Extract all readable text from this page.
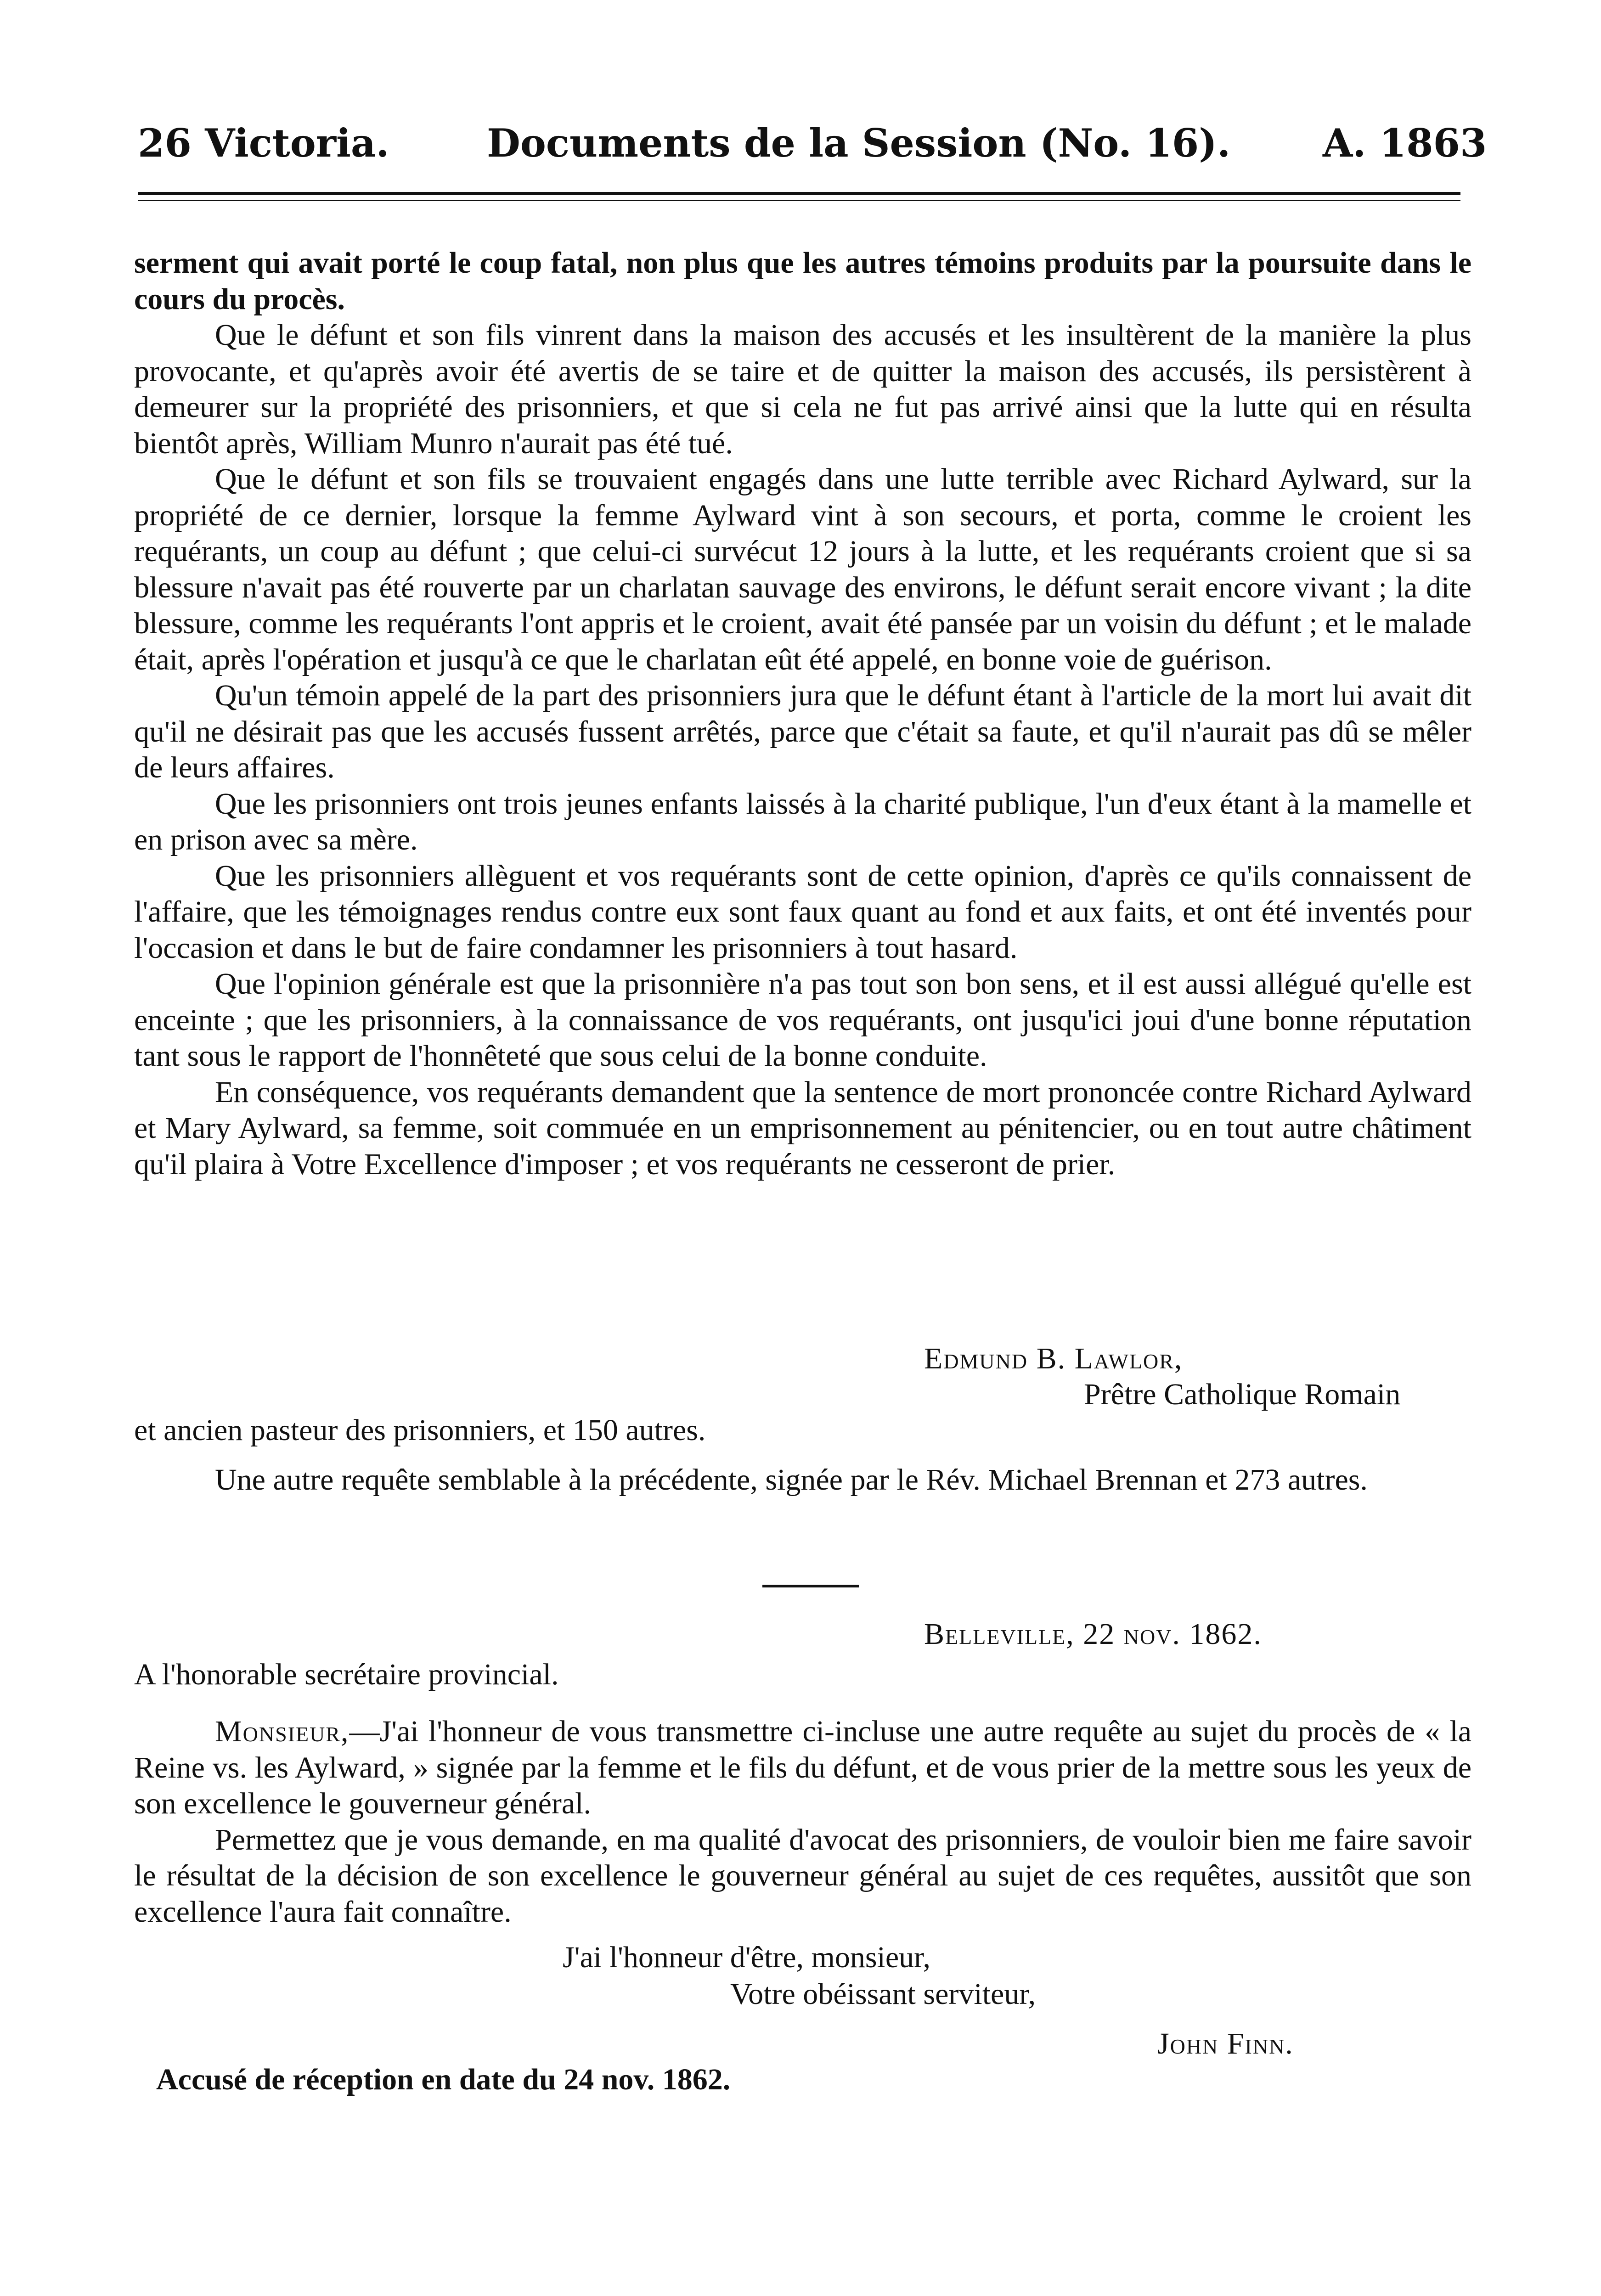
26 Victoria.	Documents de la Session (No. 16). A. 1863

serment qui avait porté le coup fatal, non plus que les autres témoins produits par la poursuite dans le cours du procès.

Que le défunt et son fils vinrent dans la maison des accusés et les insultèrent de la manière la plus provocante, et qu'après avoir été avertis de se taire et de quitter la maison des accusés, ils persistèrent à demeurer sur la propriété des prisonniers, et que si cela ne fut pas arrivé ainsi que la lutte qui en résulta bientôt après, William Munro n'aurait pas été tué.

Que le défunt et son fils se trouvaient engagés dans une lutte terrible avec Richard Aylward, sur la propriété de ce dernier, lorsque la femme Aylward vint à son secours, et porta, comme le croient les requérants, un coup au défunt ; que celui-ci survécut 12 jours à la lutte, et les requérants croient que si sa blessure n'avait pas été rouverte par un charlatan sauvage des environs, le défunt serait encore vivant ; la dite blessure, comme les requérants l'ont appris et le croient, avait été pansée par un voisin du défunt ; et le malade était, après l'opération et jusqu'à ce que le charlatan eût été appelé, en bonne voie de guérison.

Qu'un témoin appelé de la part des prisonniers jura que le défunt étant à l'article de la mort lui avait dit qu'il ne désirait pas que les accusés fussent arrêtés, parce que c'était sa faute, et qu'il n'aurait pas dû se mêler de leurs affaires.

Que les prisonniers ont trois jeunes enfants laissés à la charité publique, l'un d'eux étant à la mamelle et en prison avec sa mère.

Que les prisonniers allèguent et vos requérants sont de cette opinion, d'après ce qu'ils connaissent de l'affaire, que les témoignages rendus contre eux sont faux quant au fond et aux faits, et ont été inventés pour l'occasion et dans le but de faire condamner les prisonniers à tout hasard.

Que l'opinion générale est que la prisonnière n'a pas tout son bon sens, et il est aussi allégué qu'elle est enceinte ; que les prisonniers, à la connaissance de vos requérants, ont jusqu'ici joui d'une bonne réputation tant sous le rapport de l'honnêteté que sous celui de la bonne conduite.

En conséquence, vos requérants demandent que la sentence de mort prononcée contre Richard Aylward et Mary Aylward, sa femme, soit commuée en un emprisonnement au pénitencier, ou en tout autre châtiment qu'il plaira à Votre Excellence d'imposer ; et vos requérants ne cesseront de prier.

Edmund B. Lawlor,
Prêtre Catholique Romain
et ancien pasteur des prisonniers, et 150 autres.

Une autre requête semblable à la précédente, signée par le Rév. Michael Brennan et 273 autres.

Belleville, 22 nov. 1862.
A l'honorable secrétaire provincial.

Monsieur,—J'ai l'honneur de vous transmettre ci-incluse une autre requête au sujet du procès de « la Reine vs. les Aylward, » signée par la femme et le fils du défunt, et de vous prier de la mettre sous les yeux de son excellence le gouverneur général.

Permettez que je vous demande, en ma qualité d'avocat des prisonniers, de vouloir bien me faire savoir le résultat de la décision de son excellence le gouverneur général au sujet de ces requêtes, aussitôt que son excellence l'aura fait connaître.

J'ai l'honneur d'être, monsieur,
Votre obéissant serviteur,
John Finn.
Accusé de réception en date du 24 nov. 1862.
